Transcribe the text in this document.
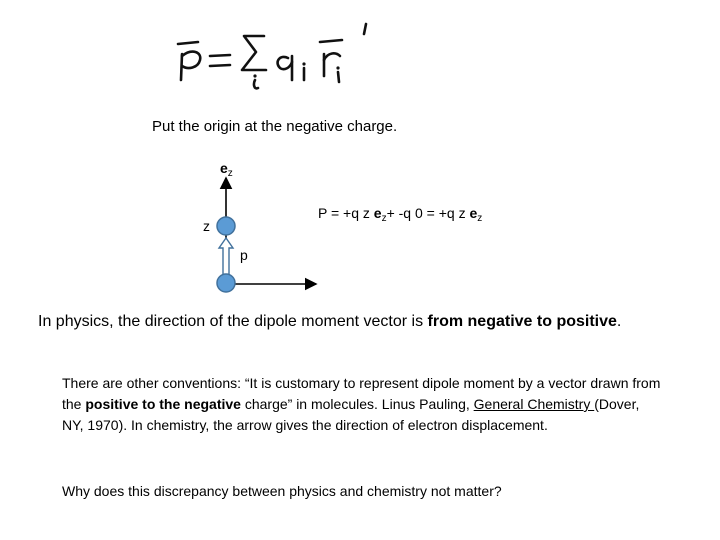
Put the origin at the negative charge.
$e_z$
z
p
P = +q z $e_z+ -q$ 0 = +q z $e_z$
In physics, the direction of the dipole moment vector is from negative to positive.
There are other conventions: “It is customary to represent dipole moment by a vector drawn from the positive to the negative charge” in molecules. Linus Pauling, General Chemistry (Dover, NY, 1970). In chemistry, the arrow gives the direction of electron displacement.
Why does this discrepancy between physics and chemistry not matter?
